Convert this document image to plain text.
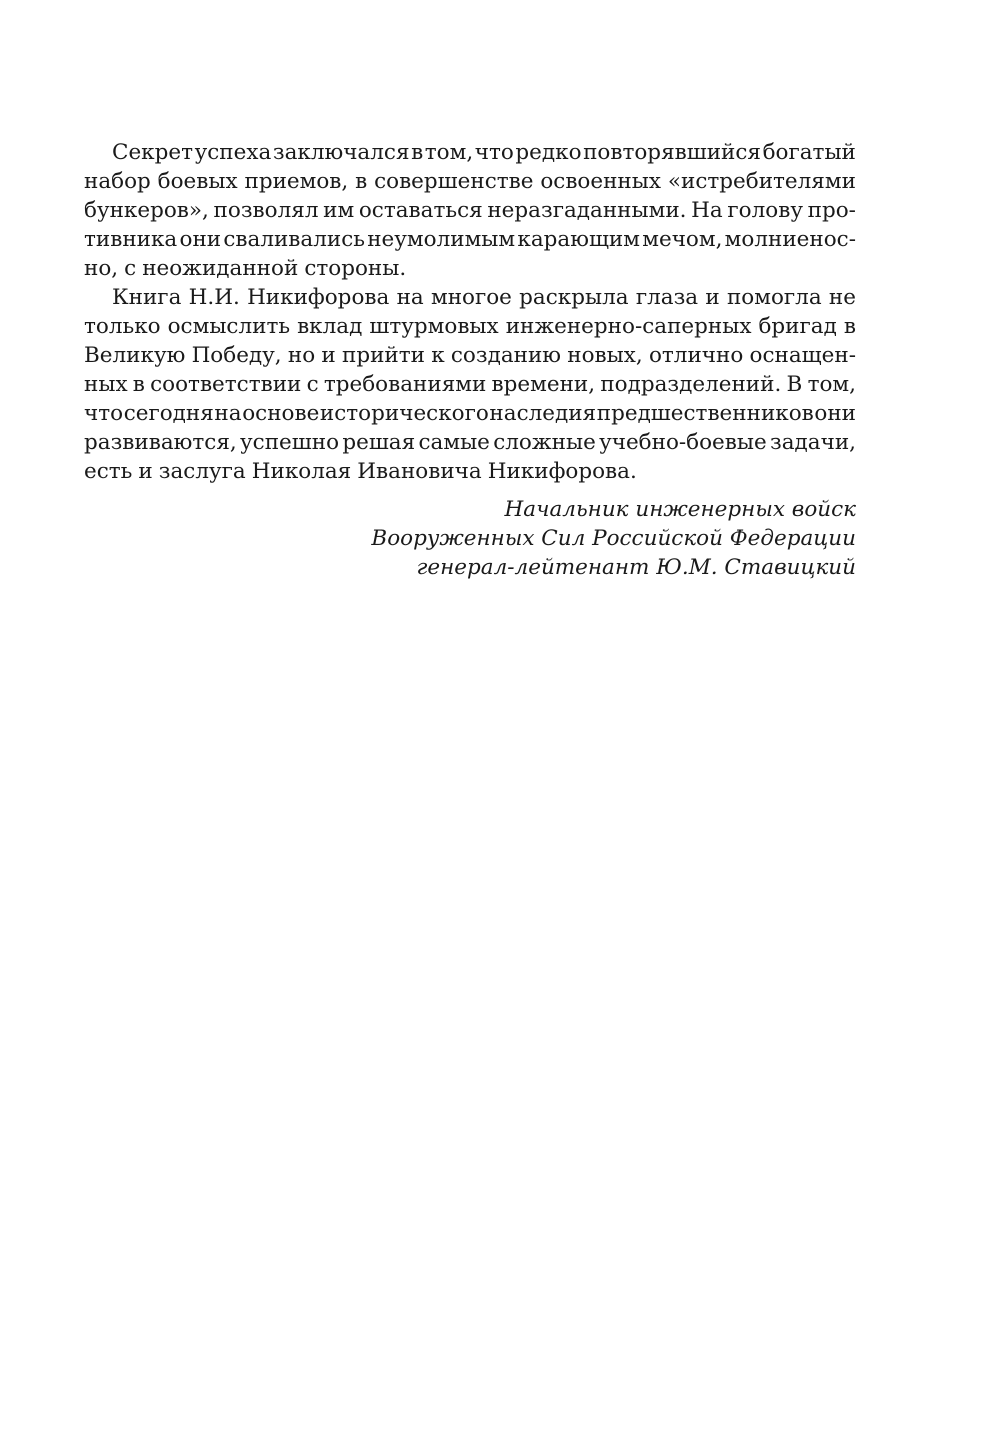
Секрет успеха заключался в том, что редко повторявшийся богатый
набор боевых приемов, в совершенстве освоенных «истребителями
бункеров», позволял им оставаться неразгаданными. На голову про-
тивника они сваливались неумолимым карающим мечом, молниенос-
но, с неожиданной стороны.
Книга Н.И. Никифорова на многое раскрыла глаза и помогла не
только осмыслить вклад штурмовых инженерно-саперных бригад в
Великую Победу, но и прийти к созданию новых, отлично оснащен-
ных в соответствии с требованиями времени, подразделений. В том,
что сегодня на основе исторического наследия предшественников они
развиваются, успешно решая самые сложные учебно-боевые задачи,
есть и заслуга Николая Ивановича Никифорова.
Начальник инженерных войск
Вооруженных Сил Российской Федерации
генерал-лейтенант Ю.М. Ставицкий
